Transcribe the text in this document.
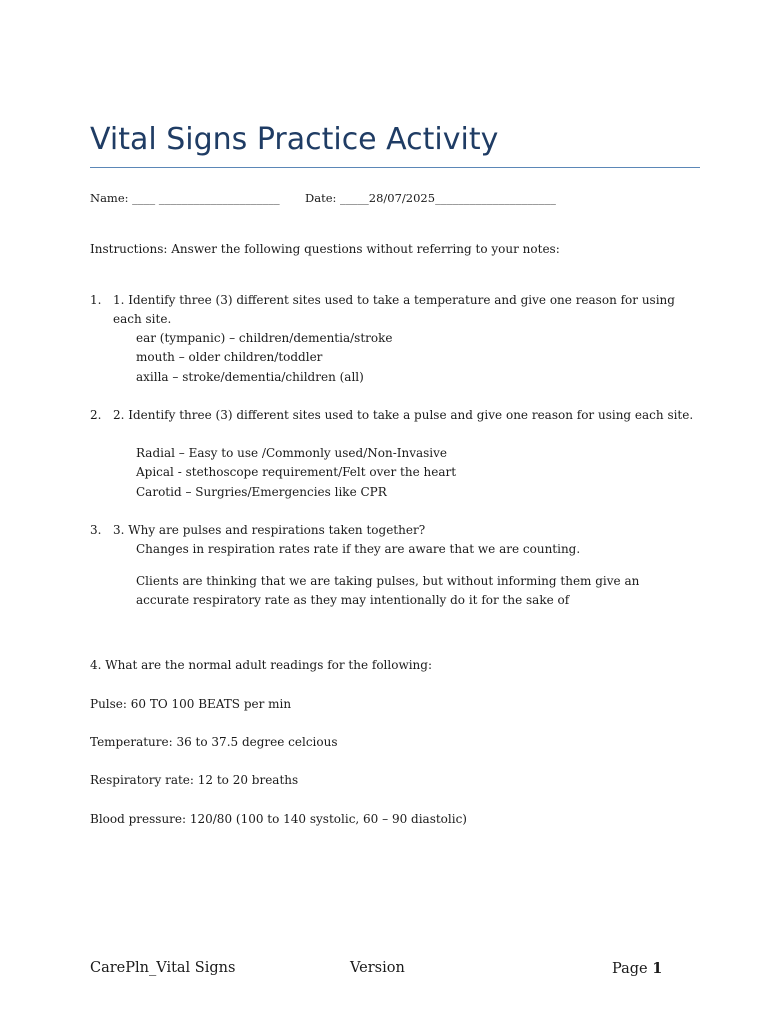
Vital Signs Practice Activity
Name: ____ _____________________ Date: _____28/07/2025_____________________
Instructions: Answer the following questions without referring to your notes:
1. 1. Identify three (3) different sites used to take a temperature and give one reason for using each site.
ear (tympanic) – children/dementia/stroke
mouth – older children/toddler
axilla – stroke/dementia/children (all)
2. 2. Identify three (3) different sites used to take a pulse and give one reason for using each site.
Radial – Easy to use /Commonly used/Non-Invasive
Apical - stethoscope requirement/Felt over the heart
Carotid – Surgries/Emergencies like CPR
3. 3. Why are pulses and respirations taken together?
Changes in respiration rates rate if they are aware that we are counting.
Clients are thinking that we are taking pulses, but without informing them give an accurate respiratory rate as they may intentionally do it for the sake of
4. What are the normal adult readings for the following:
Pulse: 60 TO 100 BEATS per min
Temperature: 36 to 37.5 degree celcious
Respiratory rate: 12 to 20 breaths
Blood pressure: 120/80 (100 to 140 systolic, 60 – 90 diastolic)
CarePln_Vital Signs	Version	Page 1
